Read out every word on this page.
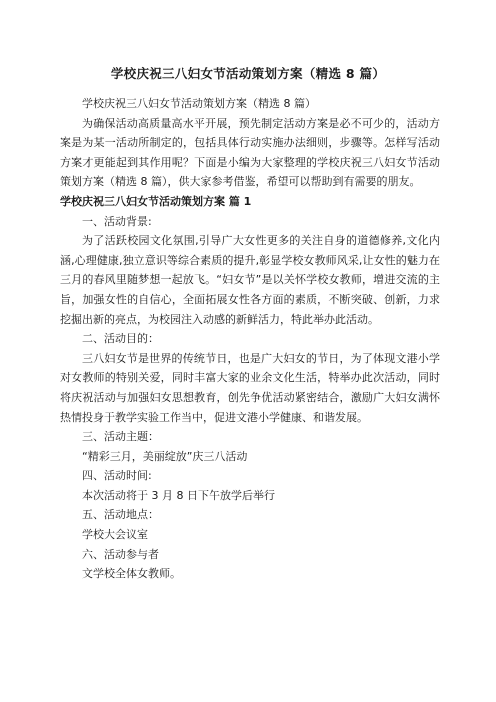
学校庆祝三八妇女节活动策划方案（精选 8 篇）

学校庆祝三八妇女节活动策划方案（精选 8 篇）

为确保活动高质量高水平开展，预先制定活动方案是必不可少的，活动方案是为某一活动所制定的，包括具体行动实施办法细则，步骤等。怎样写活动方案才更能起到其作用呢？下面是小编为大家整理的学校庆祝三八妇女节活动策划方案（精选 8 篇），供大家参考借鉴，希望可以帮助到有需要的朋友。

学校庆祝三八妇女节活动策划方案 篇 1

一、活动背景:

为了活跃校园文化氛围,引导广大女性更多的关注自身的道德修养,文化内涵,心理健康,独立意识等综合素质的提升,彰显学校女教师风采,让女性的魅力在三月的春风里随梦想一起放飞。“妇女节”是以关怀学校女教师，增进交流的主旨，加强女性的自信心，全面拓展女性各方面的素质，不断突破、创新，力求挖掘出新的亮点，为校园注入动感的新鲜活力，特此举办此活动。

二、活动目的：

三八妇女节是世界的传统节日，也是广大妇女的节日，为了体现文港小学对女教师的特别关爱，同时丰富大家的业余文化生活，特举办此次活动，同时将庆祝活动与加强妇女思想教育，创先争优活动紧密结合，激励广大妇女满怀热情投身于教学实验工作当中，促进文港小学健康、和谐发展。

三、活动主题：

“精彩三月，美丽绽放”庆三八活动

四、活动时间:

本次活动将于 3 月 8 日下午放学后举行

五、活动地点：

学校大会议室

六、活动参与者

文学校全体女教师。
